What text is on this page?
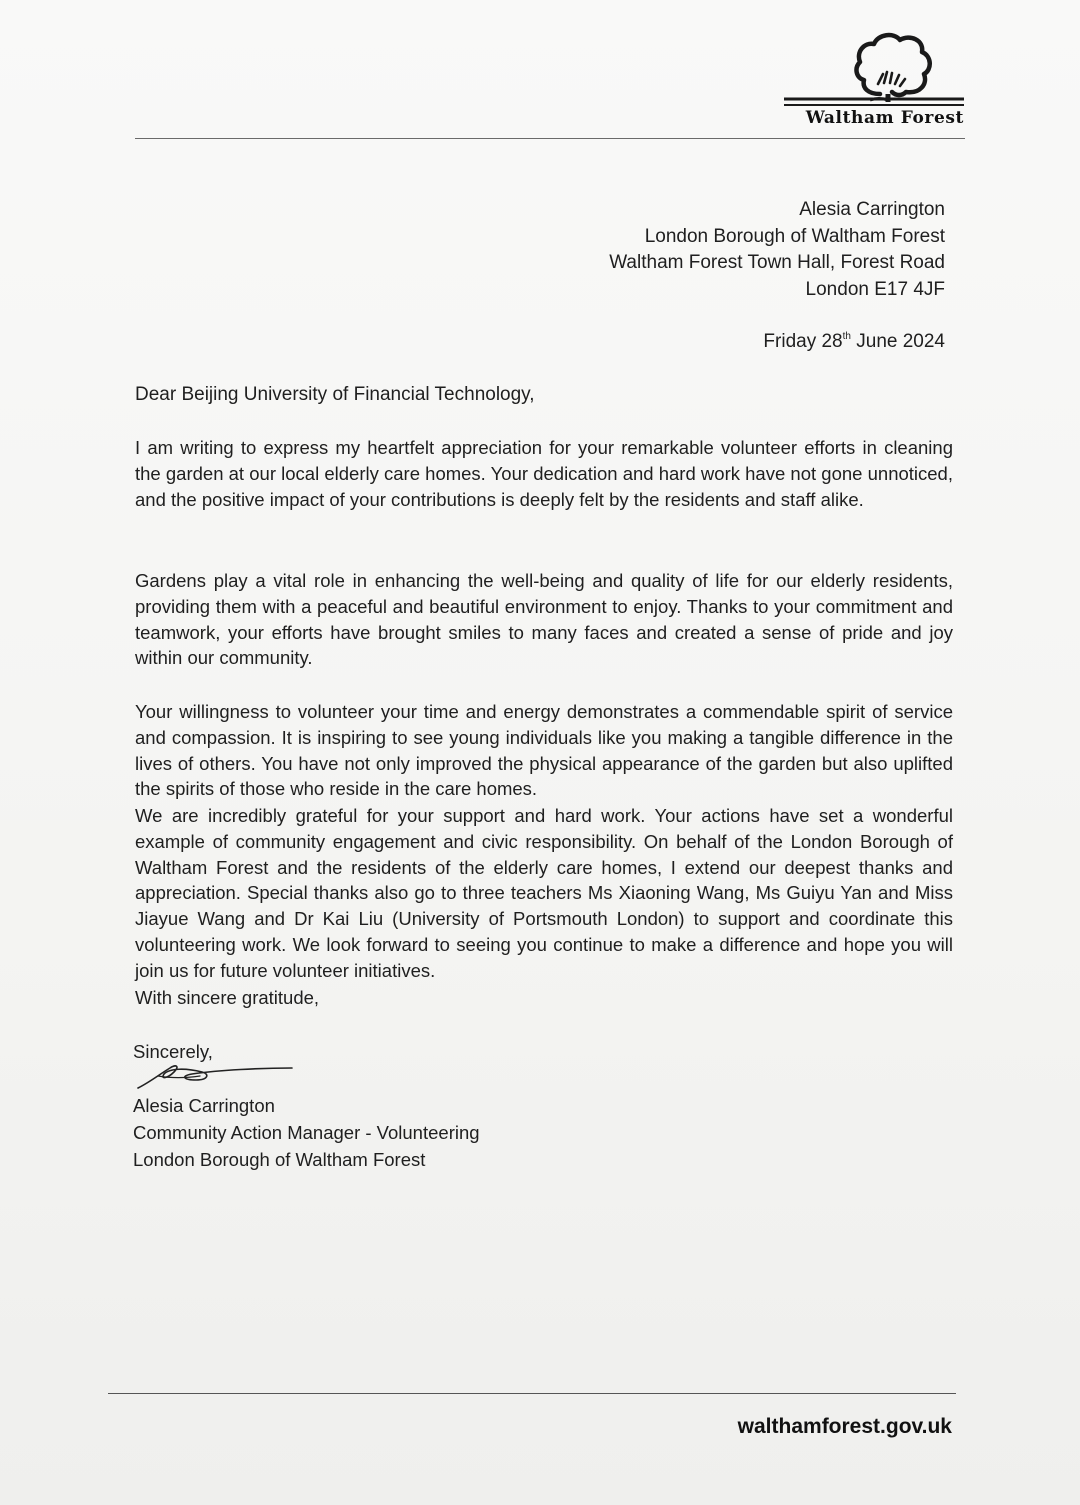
Waltham Forest
Alesia Carrington
London Borough of Waltham Forest
Waltham Forest Town Hall, Forest Road
London E17 4JF
Friday 28th June 2024
Dear Beijing University of Financial Technology,
I am writing to express my heartfelt appreciation for your remarkable volunteer efforts in cleaning the garden at our local elderly care homes. Your dedication and hard work have not gone unnoticed, and the positive impact of your contributions is deeply felt by the residents and staff alike.
Gardens play a vital role in enhancing the well-being and quality of life for our elderly residents, providing them with a peaceful and beautiful environment to enjoy. Thanks to your commitment and teamwork, your efforts have brought smiles to many faces and created a sense of pride and joy within our community.
Your willingness to volunteer your time and energy demonstrates a commendable spirit of service and compassion. It is inspiring to see young individuals like you making a tangible difference in the lives of others. You have not only improved the physical appearance of the garden but also uplifted the spirits of those who reside in the care homes.
We are incredibly grateful for your support and hard work. Your actions have set a wonderful example of community engagement and civic responsibility. On behalf of the London Borough of Waltham Forest and the residents of the elderly care homes, I extend our deepest thanks and appreciation. Special thanks also go to three teachers Ms Xiaoning Wang, Ms Guiyu Yan and Miss Jiayue Wang and Dr Kai Liu (University of Portsmouth London) to support and coordinate this volunteering work. We look forward to seeing you continue to make a difference and hope you will join us for future volunteer initiatives.
With sincere gratitude,
Sincerely,
Alesia Carrington
Community Action Manager - Volunteering
London Borough of Waltham Forest
walthamforest.gov.uk
